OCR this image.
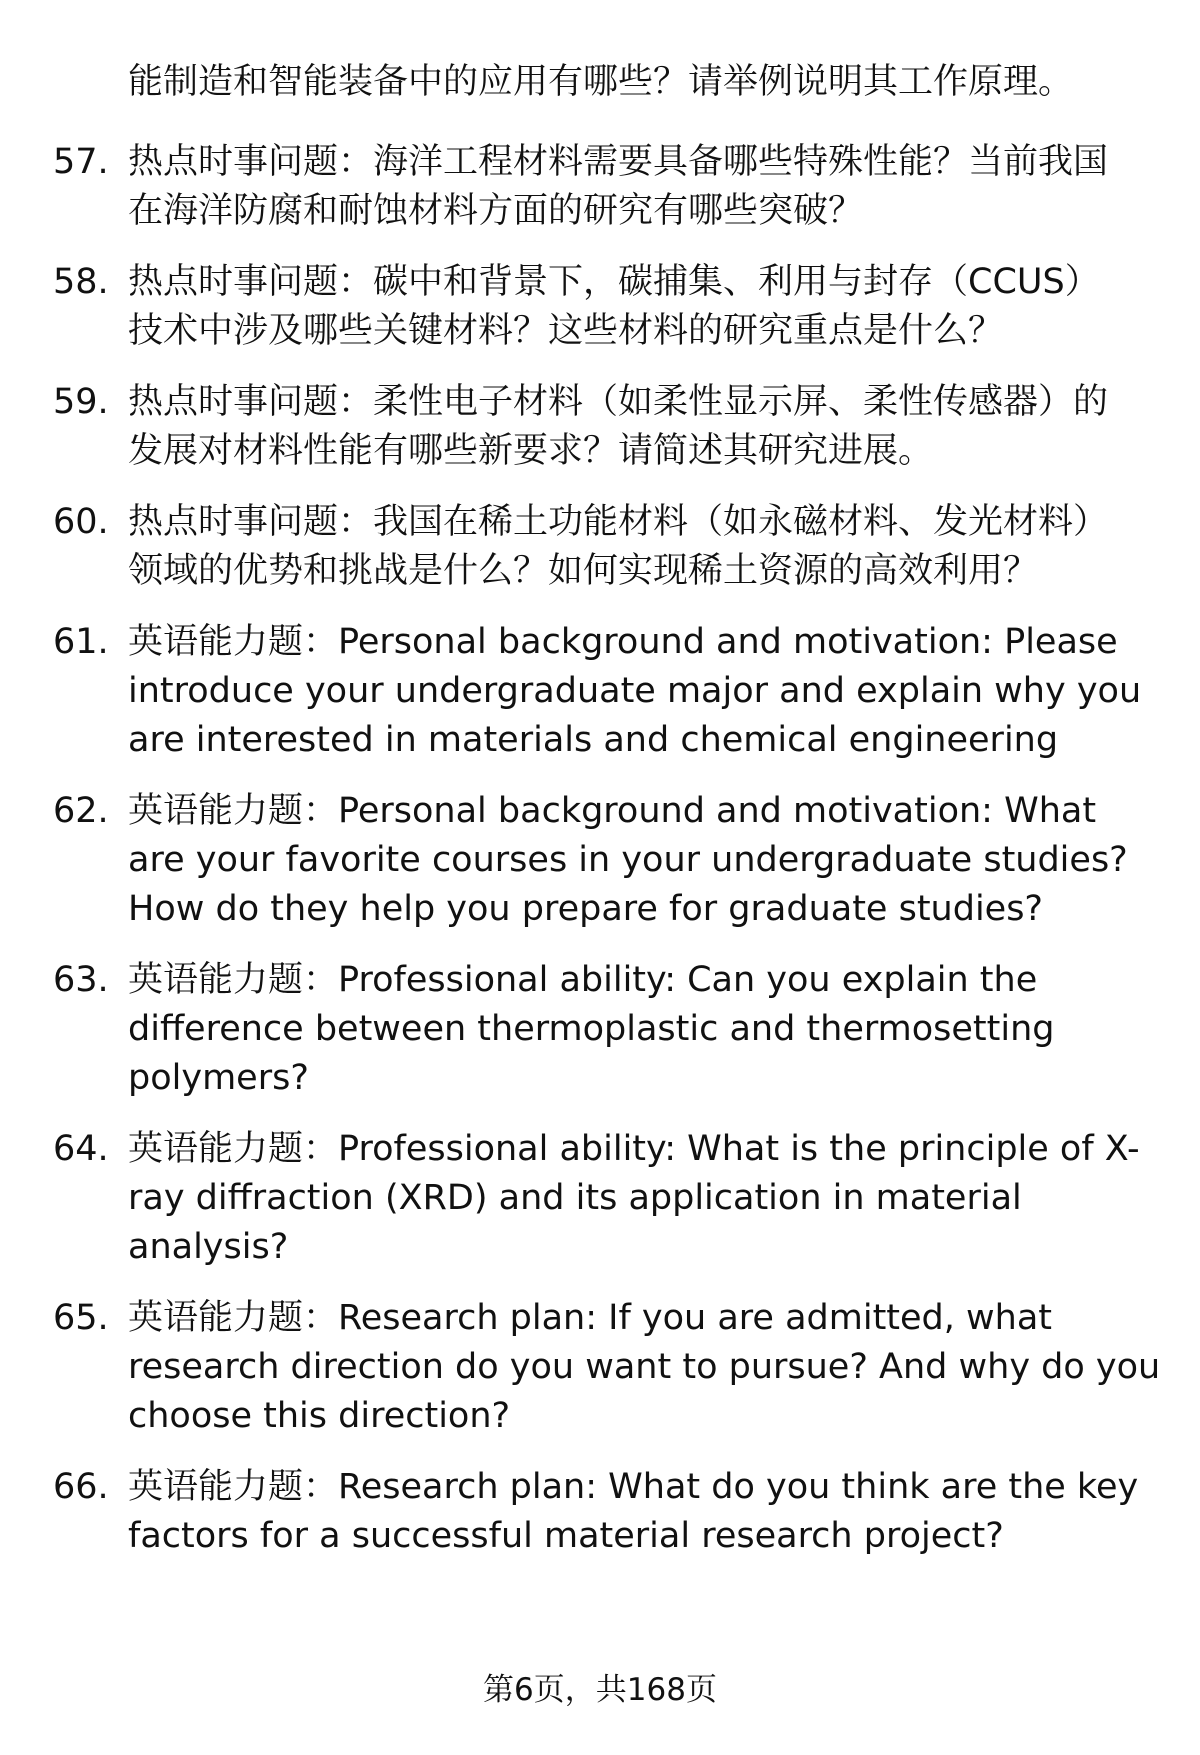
能制造和智能装备中的应用有哪些？请举例说明其工作原理。
57. 热点时事问题：海洋工程材料需要具备哪些特殊性能？当前我国
在海洋防腐和耐蚀材料方面的研究有哪些突破？
58. 热点时事问题：碳中和背景下，碳捕集、利用与封存（CCUS）
技术中涉及哪些关键材料？这些材料的研究重点是什么？
59. 热点时事问题：柔性电子材料（如柔性显示屏、柔性传感器）的
发展对材料性能有哪些新要求？请简述其研究进展。
60. 热点时事问题：我国在稀土功能材料（如永磁材料、发光材料）
领域的优势和挑战是什么？如何实现稀土资源的高效利用？
61. 英语能力题：Personal background and motivation: Please
introduce your undergraduate major and explain why you
are interested in materials and chemical engineering
62. 英语能力题：Personal background and motivation: What
are your favorite courses in your undergraduate studies?
How do they help you prepare for graduate studies?
63. 英语能力题：Professional ability: Can you explain the
difference between thermoplastic and thermosetting
polymers?
64. 英语能力题：Professional ability: What is the principle of X-
ray diffraction (XRD) and its application in material
analysis?
65. 英语能力题：Research plan: If you are admitted, what
research direction do you want to pursue? And why do you
choose this direction?
66. 英语能力题：Research plan: What do you think are the key
factors for a successful material research project?
第6页，共168页
